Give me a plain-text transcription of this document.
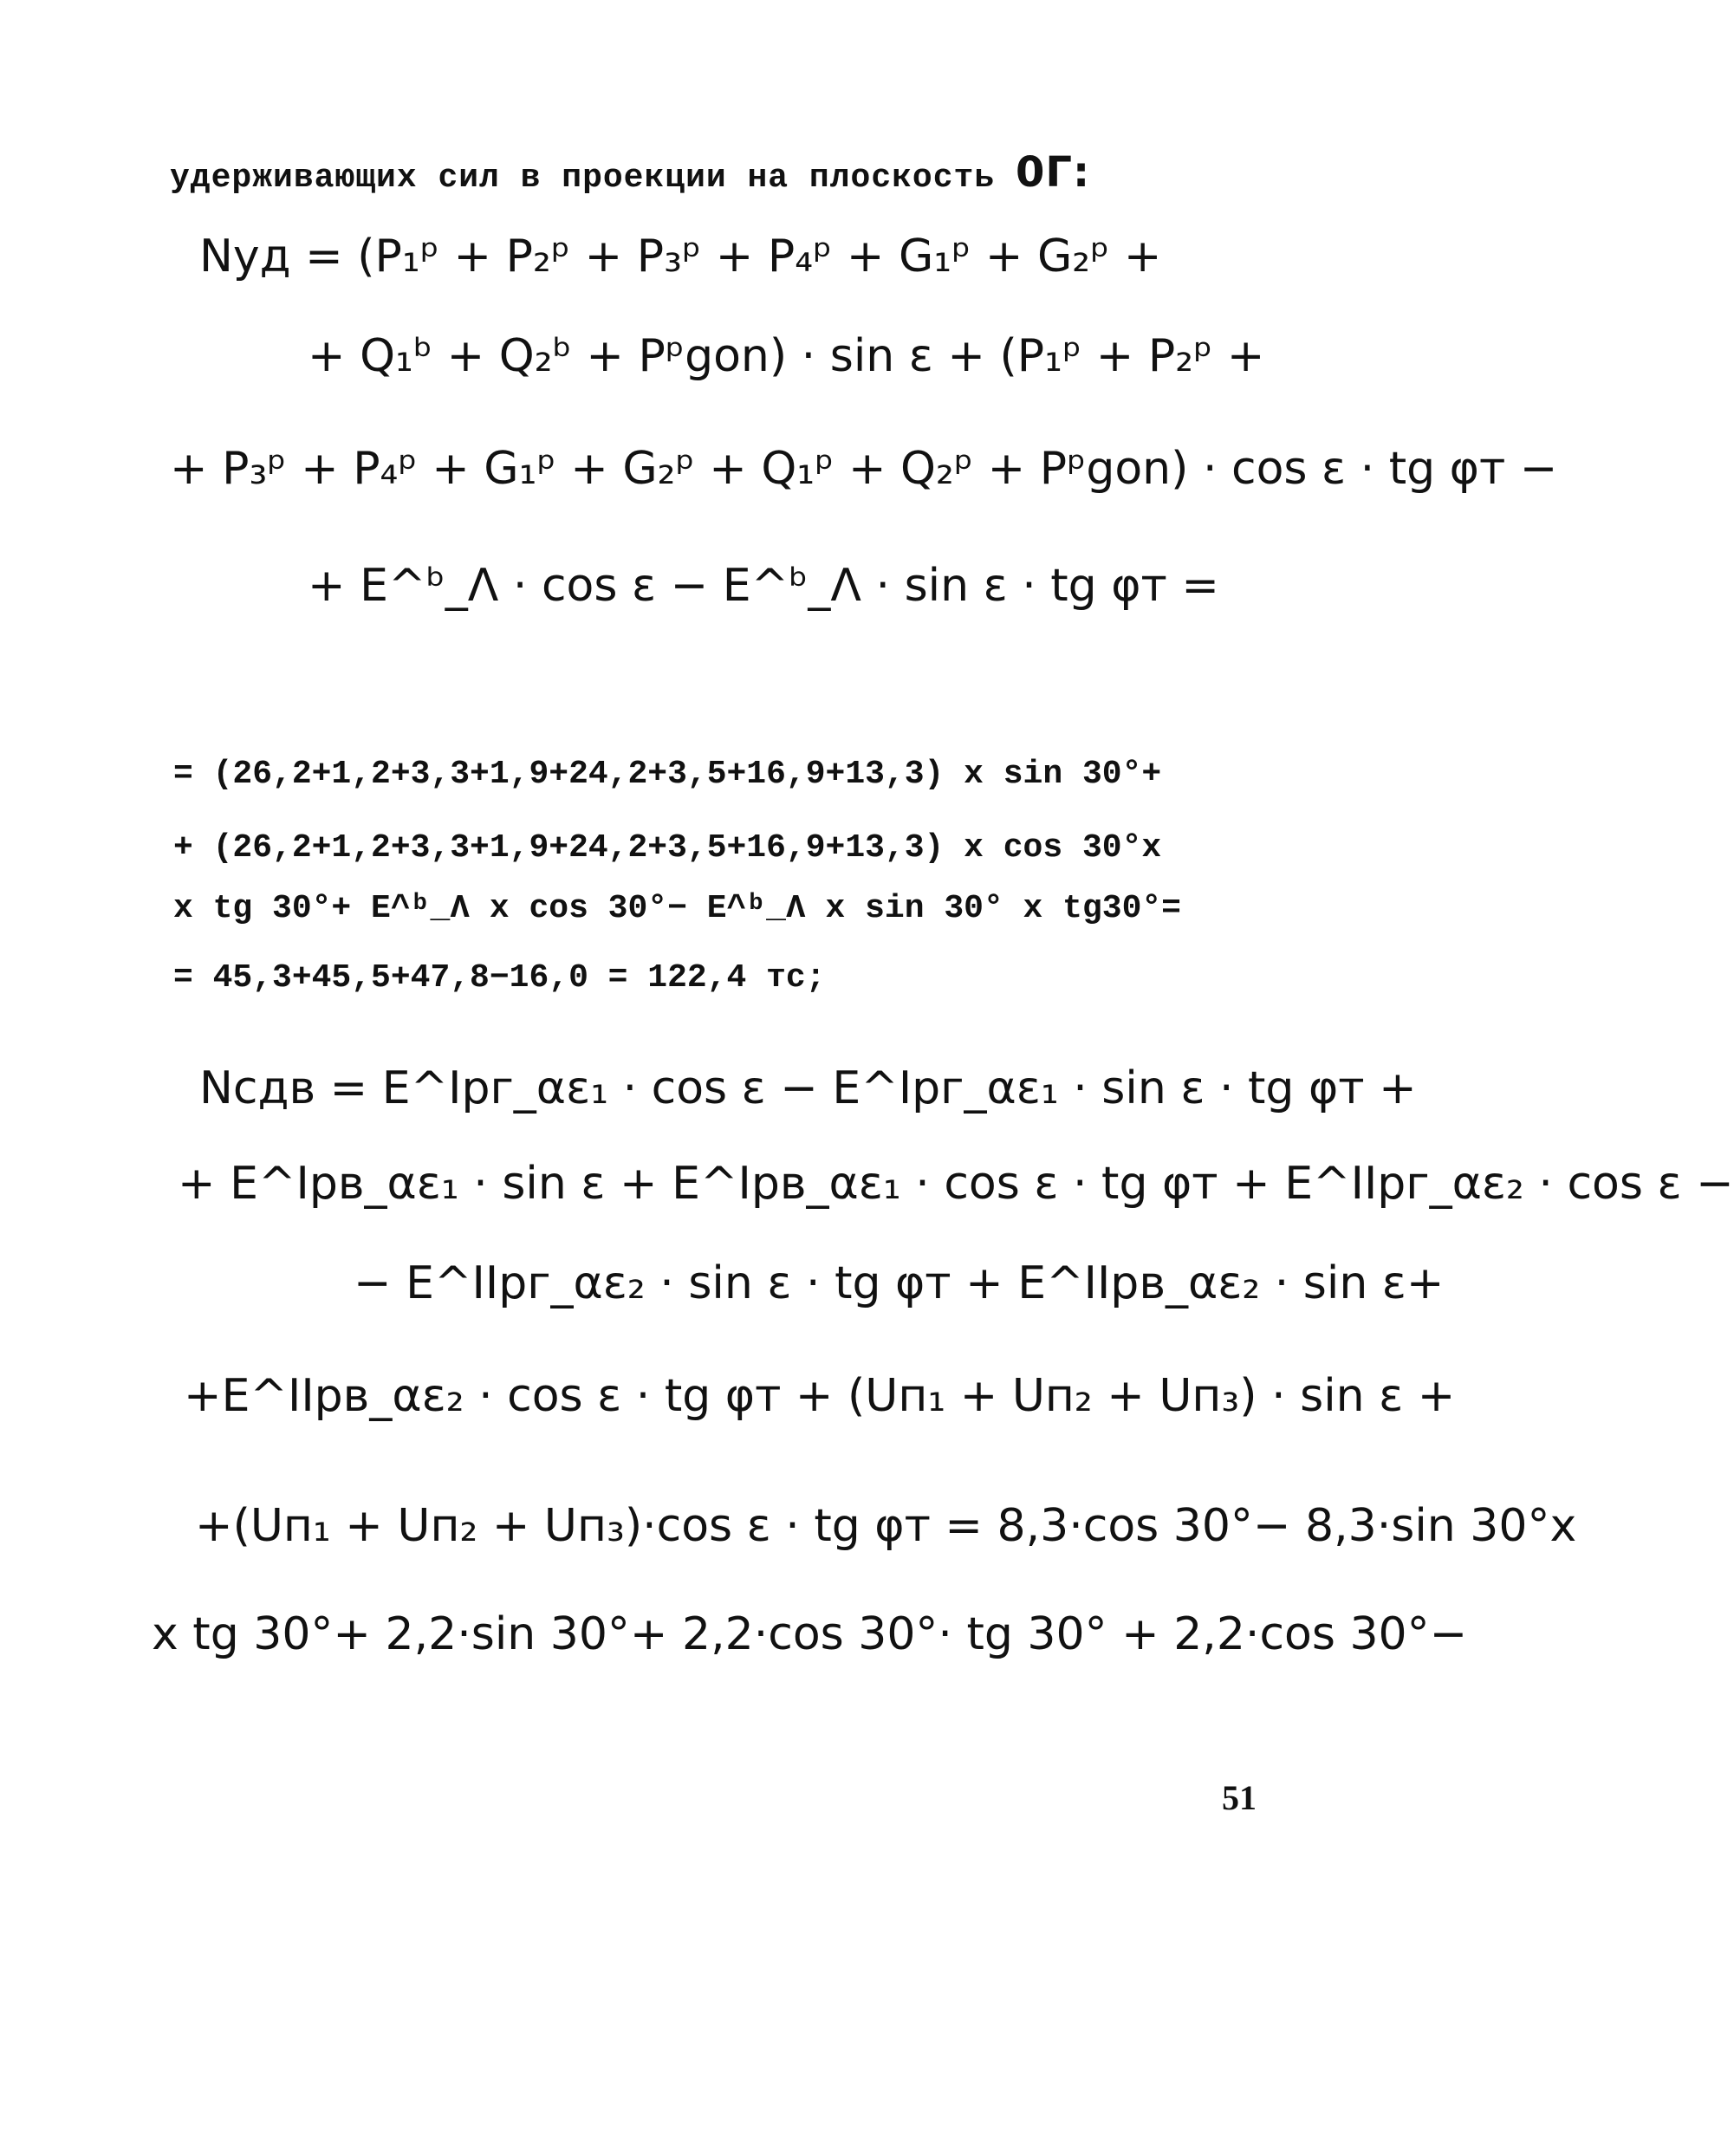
удерживающих сил в проекции на плоскость 0Г:
Nуд = (P₁ᵖ + P₂ᵖ + P₃ᵖ + P₄ᵖ + G₁ᵖ + G₂ᵖ +
+ Q₁ᵇ + Q₂ᵇ + Pᵖgon) · sin ε + (P₁ᵖ + P₂ᵖ +
+ P₃ᵖ + P₄ᵖ + G₁ᵖ + G₂ᵖ + Q₁ᵖ + Q₂ᵖ + Pᵖgon) · cos ε · tg φт −
+ E^ᵇ_Λ · cos ε − E^ᵇ_Λ · sin ε · tg φт =
= (26,2+1,2+3,3+1,9+24,2+3,5+16,9+13,3) x sin 30°+
+ (26,2+1,2+3,3+1,9+24,2+3,5+16,9+13,3) x cos 30°x
x tg 30°+ E^ᵇ_Λ x cos 30°− E^ᵇ_Λ x sin 30° x tg30°=
= 45,3+45,5+47,8−16,0 = 122,4 тс;
Nсдв = E^Iрг_αε₁ · cos ε − E^Iрг_αε₁ · sin ε · tg φт +
+ E^Iрв_αε₁ · sin ε + E^Iрв_αε₁ · cos ε · tg φт + E^IIрг_αε₂ · cos ε −
− E^IIрг_αε₂ · sin ε · tg φт + E^IIрв_αε₂ · sin ε+
+E^IIрв_αε₂ · cos ε · tg φт + (Uп₁ + Uп₂ + Uп₃) · sin ε +
+(Uп₁ + Uп₂ + Uп₃)·cos ε · tg φт = 8,3·cos 30°− 8,3·sin 30°x
x tg 30°+ 2,2·sin 30°+ 2,2·cos 30°· tg 30° + 2,2·cos 30°−
51
